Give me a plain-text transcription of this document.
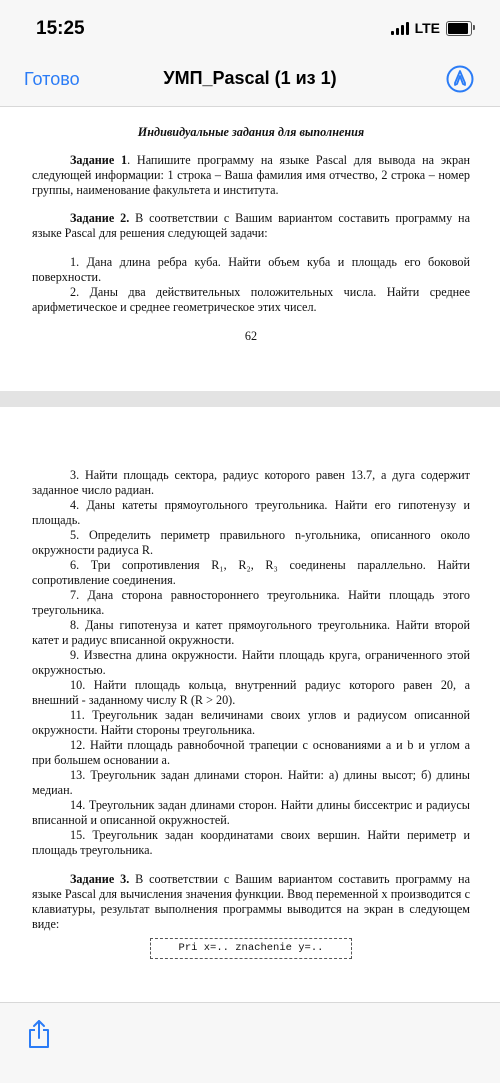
15:25	LTE
Готово	УМП_Pascal (1 из 1)

Индивидуальные задания для выполнения

Задание 1. Напишите программу на языке Pascal для вывода на экран следующей информации: 1 строка – Ваша фамилия имя отчество, 2 строка – номер группы, наименование факультета и института.

Задание 2. В соответствии с Вашим вариантом составить программу на языке Pascal для решения следующей задачи:

1. Дана длина ребра куба. Найти объем куба и площадь его боковой поверхности.

2. Даны два действительных положительных числа. Найти среднее арифметическое и среднее геометрическое этих чисел.

62

3. Найти площадь сектора, радиус которого равен 13.7, а дуга содержит заданное число радиан.

4. Даны катеты прямоугольного треугольника. Найти его гипотенузу и площадь.

5. Определить периметр правильного n-угольника, описанного около окружности радиуса R.

6. Три сопротивления R₁, R₂, R₃ соединены параллельно. Найти сопротивление соединения.

7. Дана сторона равностороннего треугольника. Найти площадь этого треугольника.

8. Даны гипотенуза и катет прямоугольного треугольника. Найти второй катет и радиус вписанной окружности.

9. Известна длина окружности. Найти площадь круга, ограниченного этой окружностью.

10. Найти площадь кольца, внутренний радиус которого равен 20, а внешний - заданному числу R (R > 20).

11. Треугольник задан величинами своих углов и радиусом описанной окружности. Найти стороны треугольника.

12. Найти площадь равнобочной трапеции с основаниями a и b и углом a при большем основании a.

13. Треугольник задан длинами сторон. Найти: а) длины высот; б) длины медиан.

14. Треугольник задан длинами сторон. Найти длины биссектрис и радиусы вписанной и описанной окружностей.

15. Треугольник задан координатами своих вершин. Найти периметр и площадь треугольника.

Задание 3. В соответствии с Вашим вариантом составить программу на языке Pascal для вычисления значения функции. Ввод переменной x производится с клавиатуры, результат выполнения программы выводится на экран в следующем виде:

Pri x=.. znachenie y=..
